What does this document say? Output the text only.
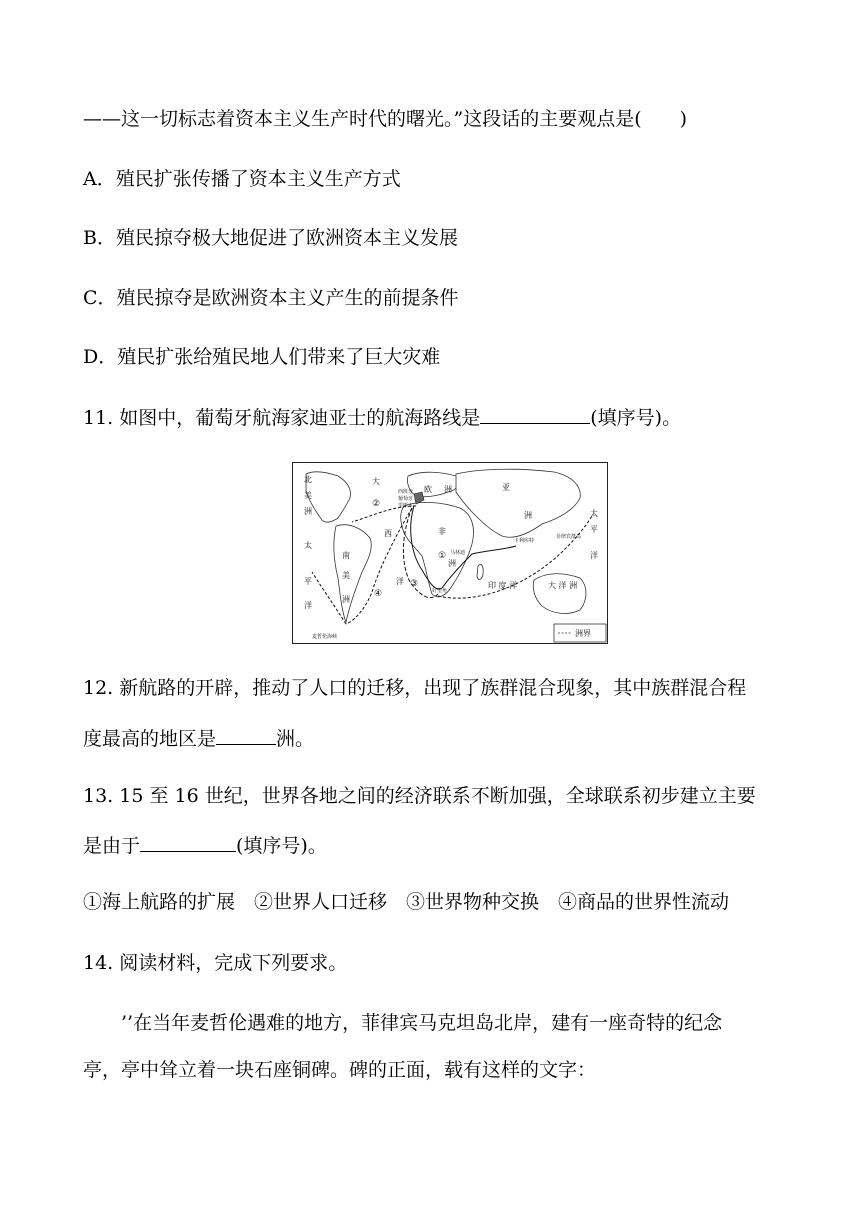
——这一切标志着资本主义生产时代的曙光。”这段话的主要观点是(　　)
A．殖民扩张传播了资本主义生产方式
B．殖民掠夺极大地促进了欧洲资本主义发展
C．殖民掠夺是欧洲资本主义产生的前提条件
D．殖民扩张给殖民地人们带来了巨大灾难
11. 如图中，葡萄牙航海家迪亚士的航海路线是	(填序号)。
洲界
北
美
洲
太
平
洋
大
西
洋
南
美
洲
欧 洲	亚
洲
非
洲
印 度 洋
太
平
洋
大 洋 洲
西班牙
葡萄牙
里斯本
马林迪
卡利库特
菲律宾群岛
好望角
麦哲伦海峡
②
①
③
④
12. 新航路的开辟，推动了人口的迁移，出现了族群混合现象，其中族群混合程
度最高的地区是	洲。
13. 15 至 16 世纪，世界各地之间的经济联系不断加强，全球联系初步建立主要
是由于	(填序号)。
①海上航路的扩展　②世界人口迁移　③世界物种交换　④商品的世界性流动
14. 阅读材料，完成下列要求。
　　’’在当年麦哲伦遇难的地方，菲律宾马克坦岛北岸，建有一座奇特的纪念
亭，亭中耸立着一块石座铜碑。碑的正面，载有这样的文字：
